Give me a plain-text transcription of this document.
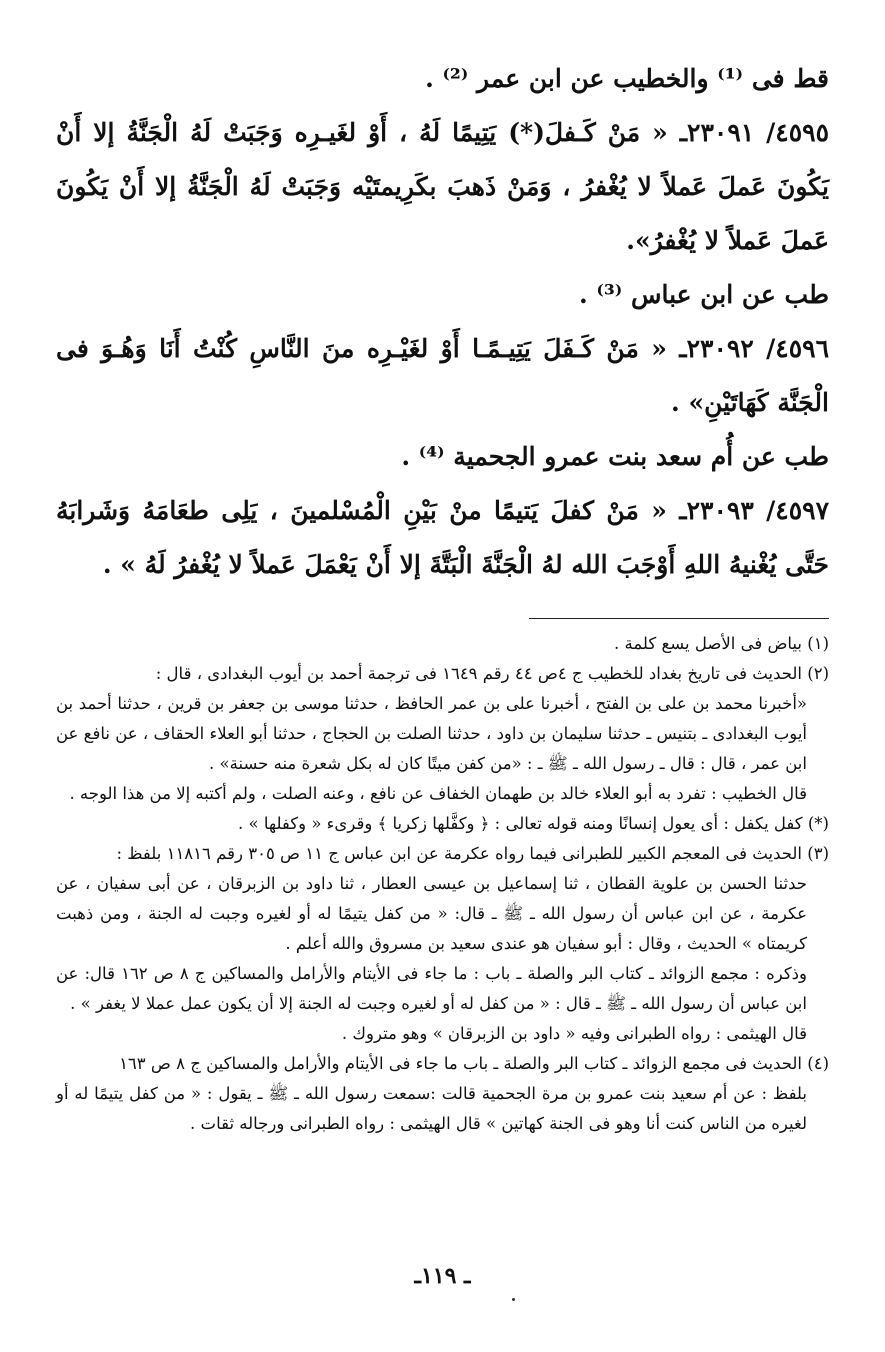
قط فى ⁽¹⁾ والخطيب عن ابن عمر ⁽²⁾ .

٤٥٩٥/ ٢٣٠٩١ـ « مَنْ كَـفلَ(*) يَتِيمًا لَهُ ، أَوْ لغَيـرِه وَجَبَتْ لَهُ الْجَنَّةُ إلا أَنْ يَكُونَ عَملَ عَملاً لا يُغْفرُ ، وَمَنْ ذَهبَ بكَرِيمتَيْه وَجَبَتْ لَهُ الْجَنَّةُ إلا أَنْ يَكُونَ عَملَ عَملاً لا يُغْفرُ».

طب عن ابن عباس ⁽³⁾ .

٤٥٩٦/ ٢٣٠٩٢ـ « مَنْ كَـفَلَ يَتِيـمًـا أَوْ لغَيْـرِه منَ النَّاسِ كُنْتُ أَنَا وَهُـوَ فى الْجَنَّة كَهَاتَيْنِ» .

طب عن أُم سعد بنت عمرو الجحمية ⁽⁴⁾ .

٤٥٩٧/ ٢٣٠٩٣ـ « مَنْ كفلَ يَتيمًا منْ بَيْنِ الْمُسْلمينَ ، يَلِى طعَامَهُ وَشَرابَهُ حَتَّى يُغْنيهُ اللهِ أَوْجَبَ الله لهُ الْجَنَّةَ الْبَتَّةَ إلا أَنْ يَعْمَلَ عَملاً لا يُغْفرُ لَهُ » .

(١) بياض فى الأصل يسع كلمة .

(٢) الحديث فى تاريخ بغداد للخطيب ج ٤ص ٤٤ رقم ١٦٤٩ فى ترجمة أحمد بن أيوب البغدادى ، قال :

«أخبرنا محمد بن على بن الفتح ، أخبرنا على بن عمر الحافظ ، حدثنا موسى بن جعفر بن قرين ، حدثنا أحمد بن أيوب البغدادى ـ بتنيس ـ حدثنا سليمان بن داود ، حدثنا الصلت بن الحجاج ، حدثنا أبو العلاء الحقاف ، عن نافع عن ابن عمر ، قال : قال ـ رسول الله ـ ﷺ ـ : «من كفن ميتًا كان له بكل شعرة منه حسنة» .

قال الخطيب : تفرد به أبو العلاء خالد بن طهمان الخفاف عن نافع ، وعنه الصلت ، ولم أكتبه إلا من هذا الوجه .

(*) كفل يكفل : أى يعول إنسانًا ومنه قوله تعالى : ﴿ وكفَّلها زكريا ﴾ وقرىء « وكفلها » .

(٣) الحديث فى المعجم الكبير للطبرانى فيما رواه عكرمة عن ابن عباس ج ١١ ص ٣٠٥ رقم ١١٨١٦ بلفظ :

حدثنا الحسن بن علوية القطان ، ثنا إسماعيل بن عيسى العطار ، ثنا داود بن الزبرقان ، عن أبى سفيان ، عن عكرمة ، عن ابن عباس أن رسول الله ـ ﷺ ـ قال: « من كفل يتيمًا له أو لغيره وجبت له الجنة ، ومن ذهبت كريمتاه » الحديث ، وقال : أبو سفيان هو عندى سعيد بن مسروق والله أعلم .

وذكره : مجمع الزوائد ـ كتاب البر والصلة ـ باب : ما جاء فى الأيتام والأرامل والمساكين ج ٨ ص ١٦٢ قال: عن ابن عباس أن رسول الله ـ ﷺ ـ قال : « من كفل له أو لغيره وجبت له الجنة إلا أن يكون عمل عملا لا يغفر » .

قال الهيثمى : رواه الطبرانى وفيه « داود بن الزبرقان » وهو متروك .

(٤) الحديث فى مجمع الزوائد ـ كتاب البر والصلة ـ باب ما جاء فى الأيتام والأرامل والمساكين ج ٨ ص ١٦٣

بلفظ : عن أم سعيد بنت عمرو بن مرة الجحمية قالت :سمعت رسول الله ـ ﷺ ـ يقول : « من كفل يتيمًا له أو لغيره من الناس كنت أنا وهو فى الجنة كهاتين » قال الهيثمى : رواه الطبرانى ورجاله ثقات .

ـ ١١٩ـ
